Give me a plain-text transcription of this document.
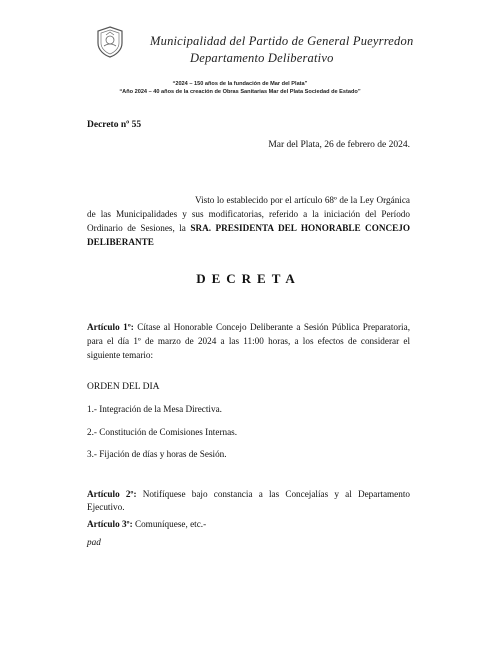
Municipalidad del Partido de General Pueyrredon
Departamento Deliberativo
“2024 – 150 años de la fundación de Mar del Plata”
“Año 2024 – 40 años de la creación de Obras Sanitarias Mar del Plata Sociedad de Estado”
Decreto nº 55
Mar del Plata, 26 de febrero de 2024.
Visto lo establecido por el artículo 68º de la Ley Orgánica de las Municipalidades y sus modificatorias, referido a la iniciación del Período Ordinario de Sesiones, la SRA. PRESIDENTA DEL HONORABLE CONCEJO DELIBERANTE
DECRETA
Artículo 1º: Cítase al Honorable Concejo Deliberante a Sesión Pública Preparatoria, para el día 1º de marzo de 2024 a las 11:00 horas, a los efectos de considerar el siguiente temario:
ORDEN DEL DIA
1.- Integración de la Mesa Directiva.
2.- Constitución de Comisiones Internas.
3.- Fijación de días y horas de Sesión.
Artículo 2º: Notifíquese bajo constancia a las Concejalías y al Departamento Ejecutivo.
Artículo 3º: Comuníquese, etc.-
pad
